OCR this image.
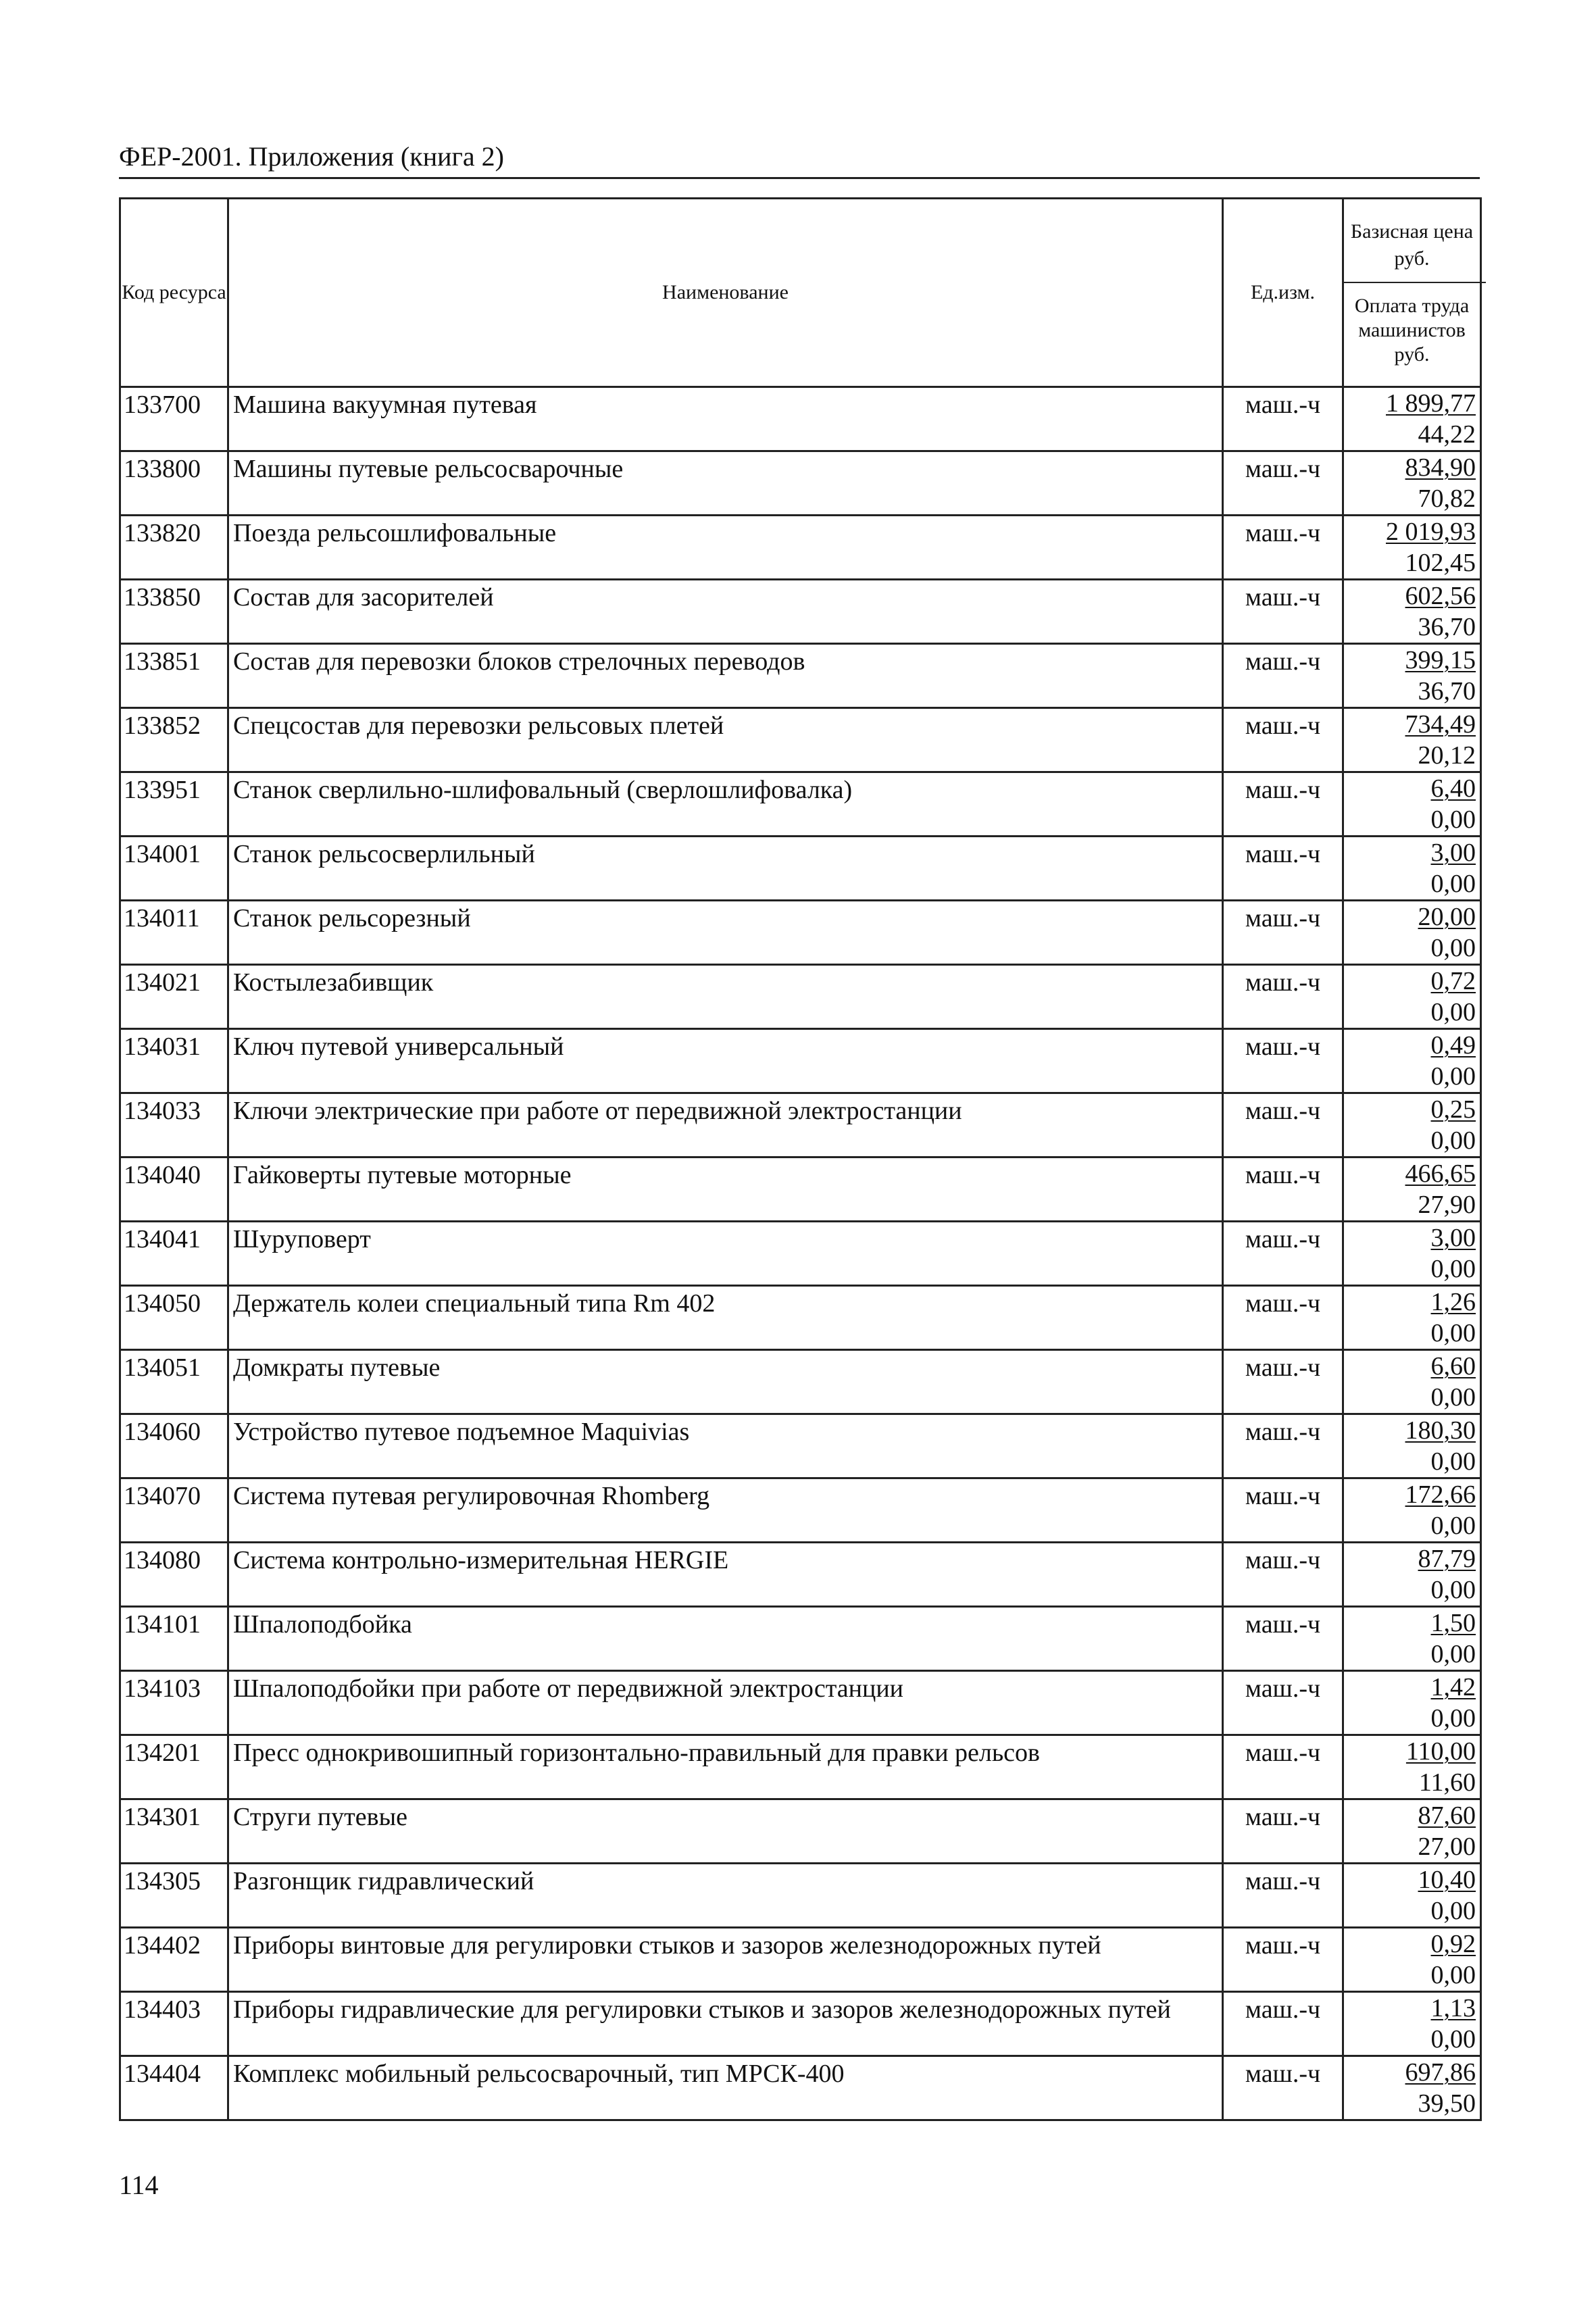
ФЕР-2001. Приложения (книга 2)
Код ресурса	Наименование	Ед.изм.	Базисная цена руб.
Оплата труда машинистов руб.

133700	Машина вакуумная путевая	маш.-ч	1 899,77
44,22

133800	Машины путевые рельсосварочные	маш.-ч	834,90
70,82

133820	Поезда рельсошлифовальные	маш.-ч	2 019,93
102,45

133850	Состав для засорителей	маш.-ч	602,56
36,70

133851	Состав для перевозки блоков стрелочных переводов	маш.-ч	399,15
36,70

133852	Спецсостав для перевозки рельсовых плетей	маш.-ч	734,49
20,12

133951	Станок сверлильно-шлифовальный (сверлошлифовалка)	маш.-ч	6,40
0,00

134001	Станок рельсосверлильный	маш.-ч	3,00
0,00

134011	Станок рельсорезный	маш.-ч	20,00
0,00

134021	Костылезабивщик	маш.-ч	0,72
0,00

134031	Ключ путевой универсальный	маш.-ч	0,49
0,00

134033	Ключи электрические при работе от передвижной электростанции	маш.-ч	0,25
0,00

134040	Гайковерты путевые моторные	маш.-ч	466,65
27,90

134041	Шуруповерт	маш.-ч	3,00
0,00

134050	Держатель колеи специальный типа Rm 402	маш.-ч	1,26
0,00

134051	Домкраты путевые	маш.-ч	6,60
0,00

134060	Устройство путевое подъемное Maquivias	маш.-ч	180,30
0,00

134070	Система путевая регулировочная Rhomberg	маш.-ч	172,66
0,00

134080	Система контрольно-измерительная HERGIE	маш.-ч	87,79
0,00

134101	Шпалоподбойка	маш.-ч	1,50
0,00

134103	Шпалоподбойки при работе от передвижной электростанции	маш.-ч	1,42
0,00

134201	Пресс однокривошипный горизонтально-правильный для правки рельсов	маш.-ч	110,00
11,60

134301	Струги путевые	маш.-ч	87,60
27,00

134305	Разгонщик гидравлический	маш.-ч	10,40
0,00

134402	Приборы винтовые для регулировки стыков и зазоров железнодорожных путей	маш.-ч	0,92
0,00

134403	Приборы гидравлические для регулировки стыков и зазоров железнодорожных путей	маш.-ч	1,13
0,00

134404	Комплекс мобильный рельсосварочный, тип МРСК-400	маш.-ч	697,86
39,50
114
